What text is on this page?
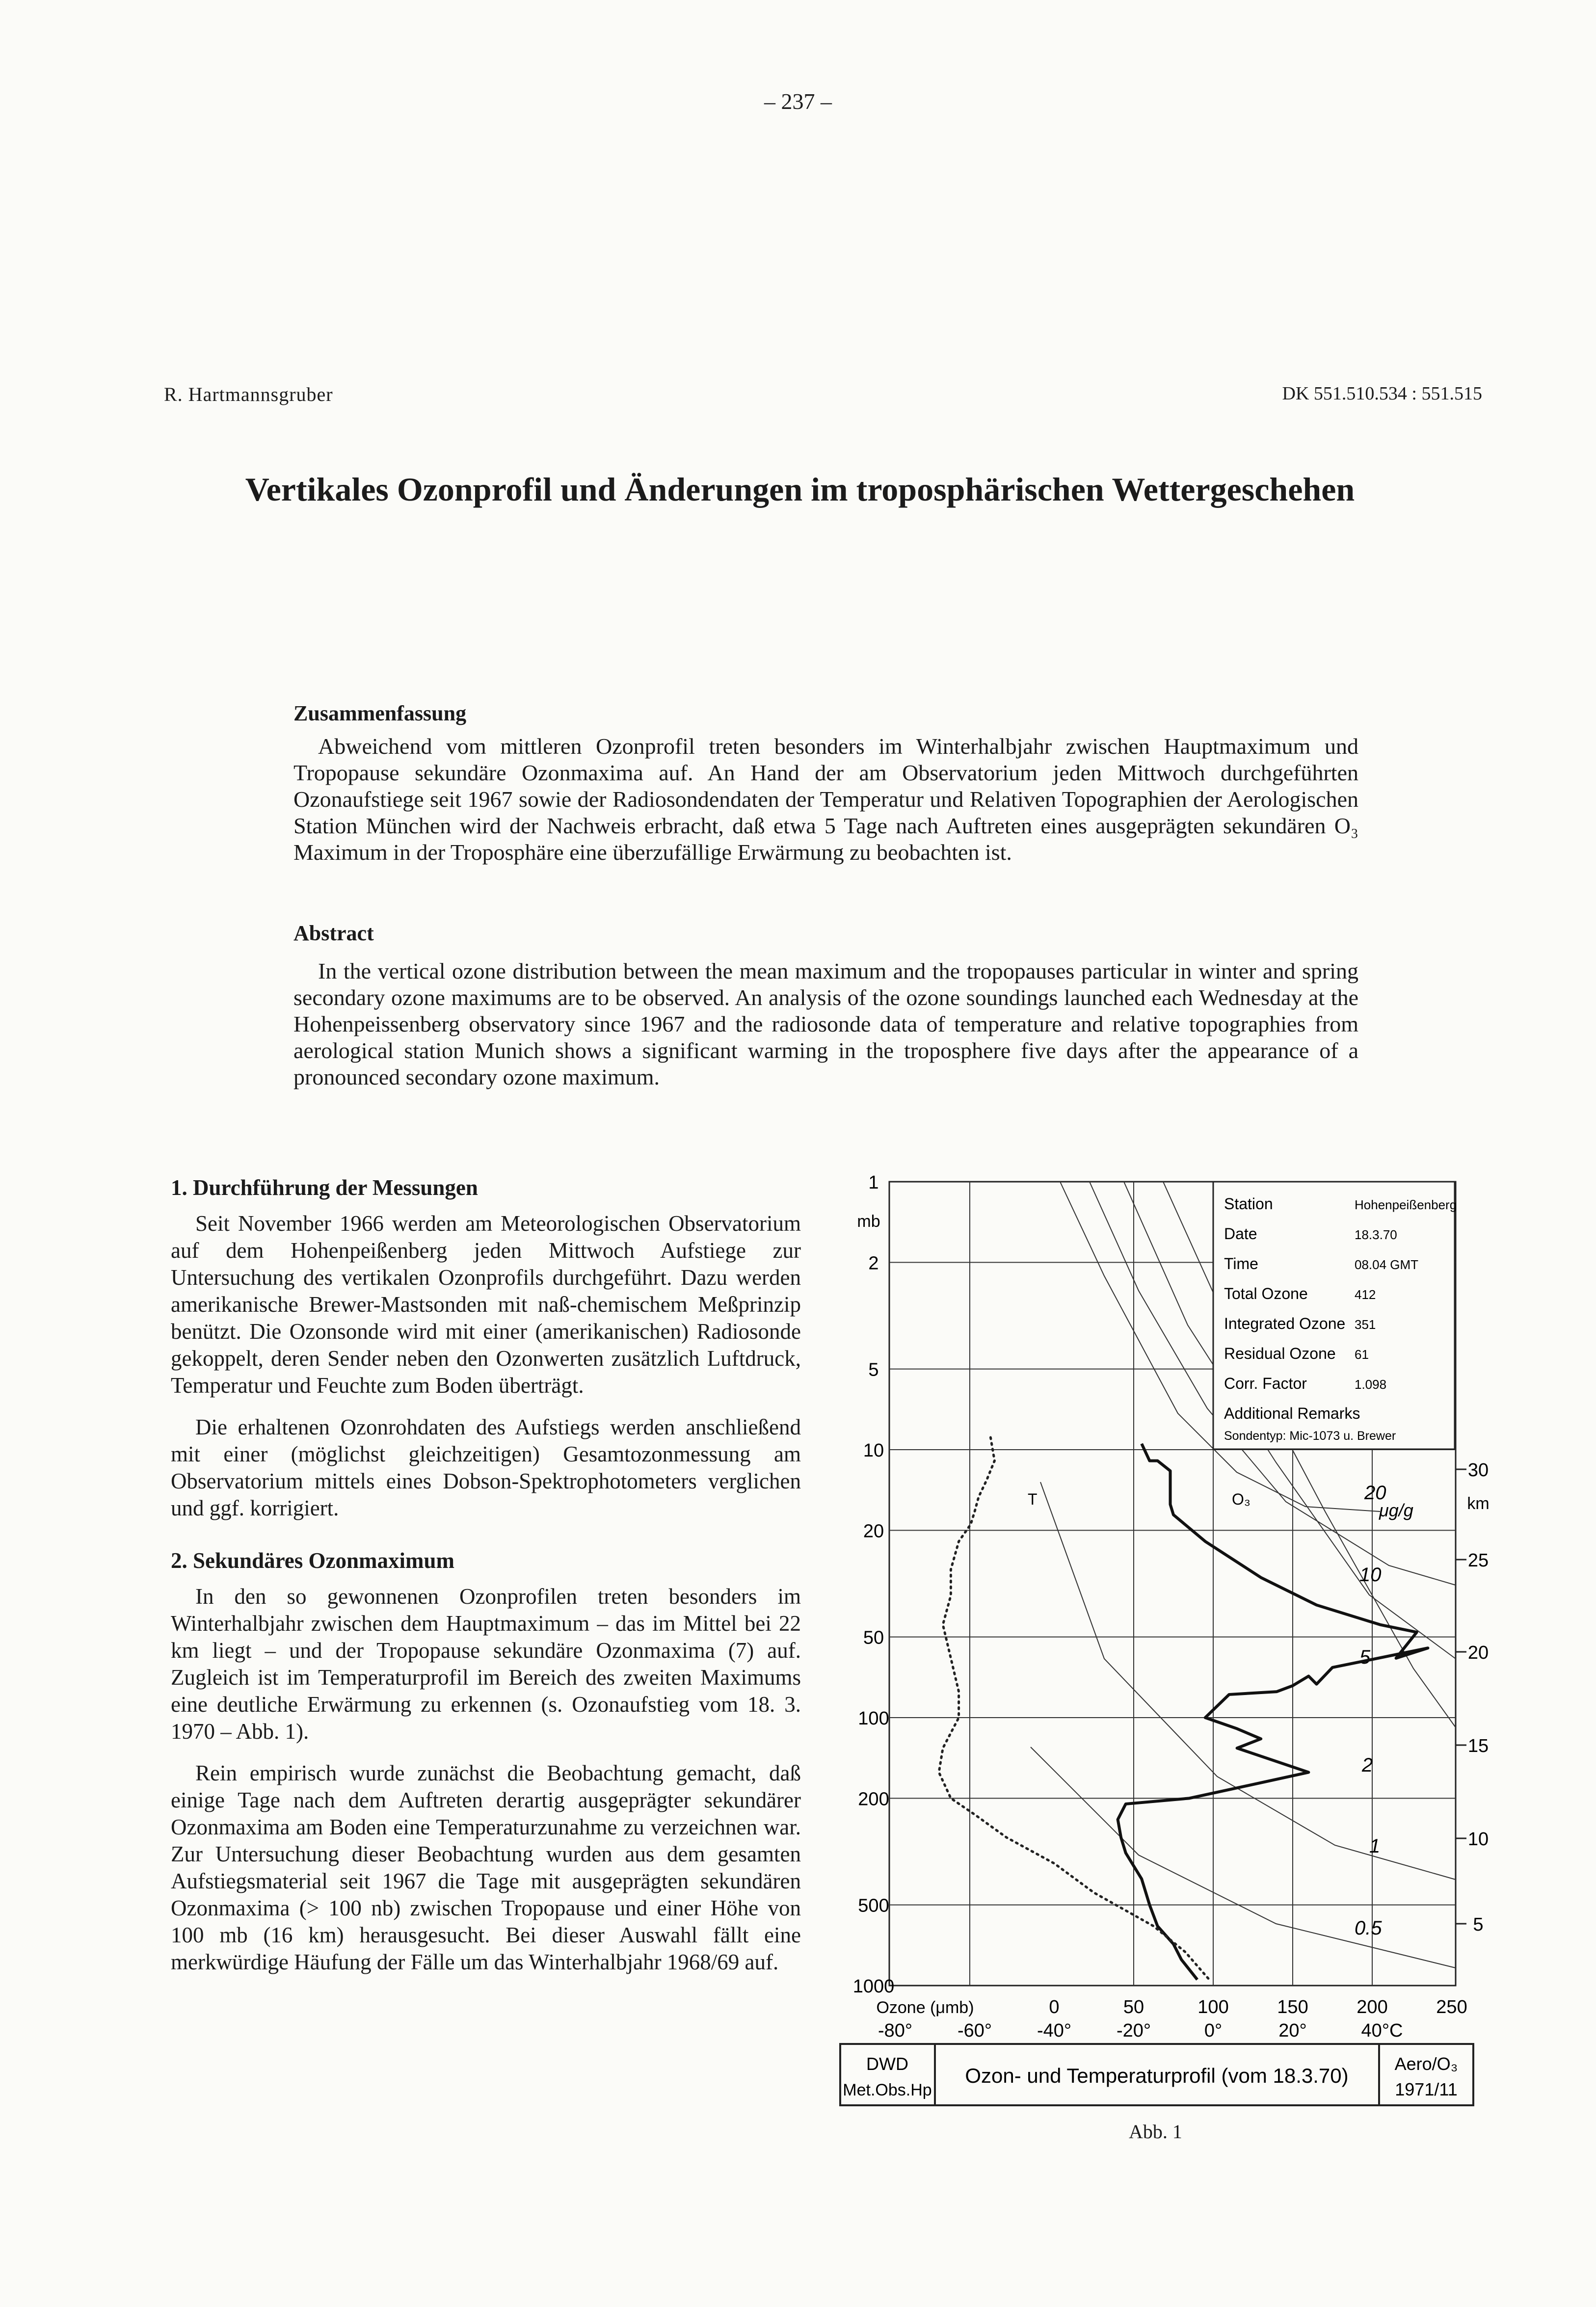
– 237 –
R. Hartmannsgruber	DK 551.510.534 : 551.515
Vertikales Ozonprofil und Änderungen im troposphärischen Wettergeschehen
Zusammenfassung

Abweichend vom mittleren Ozonprofil treten besonders im Winterhalbjahr zwischen Hauptmaximum und Tropopause sekundäre Ozonmaxima auf. An Hand der am Observatorium jeden Mittwoch durchgeführten Ozonaufstiege seit 1967 sowie der Radiosondendaten der Temperatur und Relativen Topographien der Aerologischen Station München wird der Nachweis erbracht, daß etwa 5 Tage nach Auftreten eines ausgeprägten sekundären O₃ Maximum in der Troposphäre eine überzufällige Erwärmung zu beobachten ist.

Abstract

In the vertical ozone distribution between the mean maximum and the tropopauses particular in winter and spring secondary ozone maximums are to be observed. An analysis of the ozone soundings launched each Wednesday at the Hohenpeissenberg observatory since 1967 and the radiosonde data of temperature and relative topographies from aerological station Munich shows a significant warming in the troposphere five days after the appearance of a pronounced secondary ozone maximum.

1. Durchführung der Messungen

Seit November 1966 werden am Meteorologischen Observatorium auf dem Hohenpeißenberg jeden Mittwoch Aufstiege zur Untersuchung des vertikalen Ozonprofils durchgeführt. Dazu werden amerikanische Brewer-Mastsonden mit naß-chemischem Meßprinzip benützt. Die Ozonsonde wird mit einer (amerikanischen) Radiosonde gekoppelt, deren Sender neben den Ozonwerten zusätzlich Luftdruck, Temperatur und Feuchte zum Boden überträgt.

Die erhaltenen Ozonrohdaten des Aufstiegs werden anschließend mit einer (möglichst gleichzeitigen) Gesamtozonmessung am Observatorium mittels eines Dobson-Spektrophotometers verglichen und ggf. korrigiert.

2. Sekundäres Ozonmaximum

In den so gewonnenen Ozonprofilen treten besonders im Winterhalbjahr zwischen dem Hauptmaximum – das im Mittel bei 22 km liegt – und der Tropopause sekundäre Ozonmaxima (7) auf. Zugleich ist im Temperaturprofil im Bereich des zweiten Maximums eine deutliche Erwärmung zu erkennen (s. Ozonaufstieg vom 18. 3. 1970 – Abb. 1).

Rein empirisch wurde zunächst die Beobachtung gemacht, daß einige Tage nach dem Auftreten derartig ausgeprägter sekundärer Ozonmaxima am Boden eine Temperaturzunahme zu verzeichnen war. Zur Untersuchung dieser Beobachtung wurden aus dem gesamten Aufstiegsmaterial seit 1967 die Tage mit ausgeprägten sekundären Ozonmaxima (> 100 nb) zwischen Tropopause und einer Höhe von 100 mb (16 km) herausgesucht. Bei dieser Auswahl fällt eine merkwürdige Häufung der Fälle um das Winterhalbjahr 1968/69 auf.

20
10
5
2
1
0.5
μg/g
O₃
T
1
2
5
10
20
50
100
200
500
1000
mb
30
25
20
15
10
5
km
Ozone (μmb)	0	50	100	150	200	250
-80° -60° -40° -20°	0°	20°	40°C
Station	Hohenpeißenberg
Date	18.3.70
Time	08.04 GMT
Total Ozone	412
Integrated Ozone 351
Residual Ozone 61
Corr. Factor	1.098
Additional Remarks
Sondentyp: Mic-1073 u. Brewer
DWD
Met.Obs.Hp
Ozon- und Temperaturprofil (vom 18.3.70)
Aero/O₃
1971/11
Abb. 1
